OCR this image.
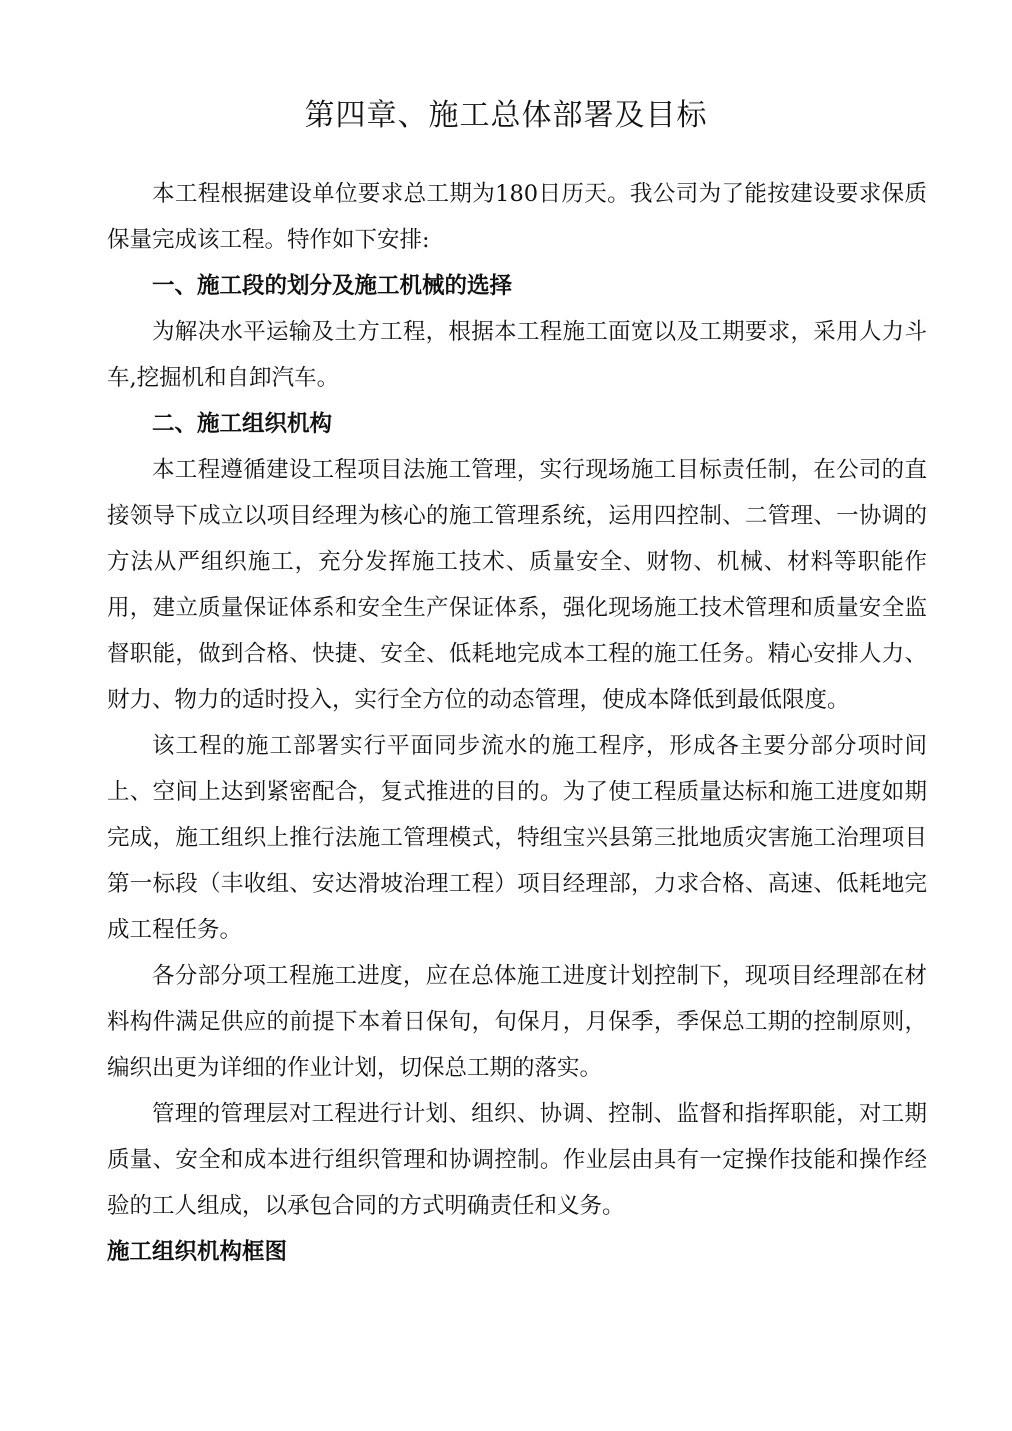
第四章、施工总体部署及目标

本工程根据建设单位要求总工期为180日历天。我公司为了能按建设要求保质保量完成该工程。特作如下安排:

一、施工段的划分及施工机械的选择

为解决水平运输及土方工程，根据本工程施工面宽以及工期要求，采用人力斗车,挖掘机和自卸汽车。

二、施工组织机构

本工程遵循建设工程项目法施工管理，实行现场施工目标责任制，在公司的直接领导下成立以项目经理为核心的施工管理系统，运用四控制、二管理、一协调的方法从严组织施工，充分发挥施工技术、质量安全、财物、机械、材料等职能作用，建立质量保证体系和安全生产保证体系，强化现场施工技术管理和质量安全监督职能，做到合格、快捷、安全、低耗地完成本工程的施工任务。精心安排人力、财力、物力的适时投入，实行全方位的动态管理，使成本降低到最低限度。

该工程的施工部署实行平面同步流水的施工程序，形成各主要分部分项时间上、空间上达到紧密配合，复式推进的目的。为了使工程质量达标和施工进度如期完成，施工组织上推行法施工管理模式，特组宝兴县第三批地质灾害施工治理项目第一标段（丰收组、安达滑坡治理工程）项目经理部，力求合格、高速、低耗地完成工程任务。

各分部分项工程施工进度，应在总体施工进度计划控制下，现项目经理部在材料构件满足供应的前提下本着日保旬，旬保月，月保季，季保总工期的控制原则，编织出更为详细的作业计划，切保总工期的落实。

管理的管理层对工程进行计划、组织、协调、控制、监督和指挥职能，对工期质量、安全和成本进行组织管理和协调控制。作业层由具有一定操作技能和操作经验的工人组成，以承包合同的方式明确责任和义务。

施工组织机构框图
